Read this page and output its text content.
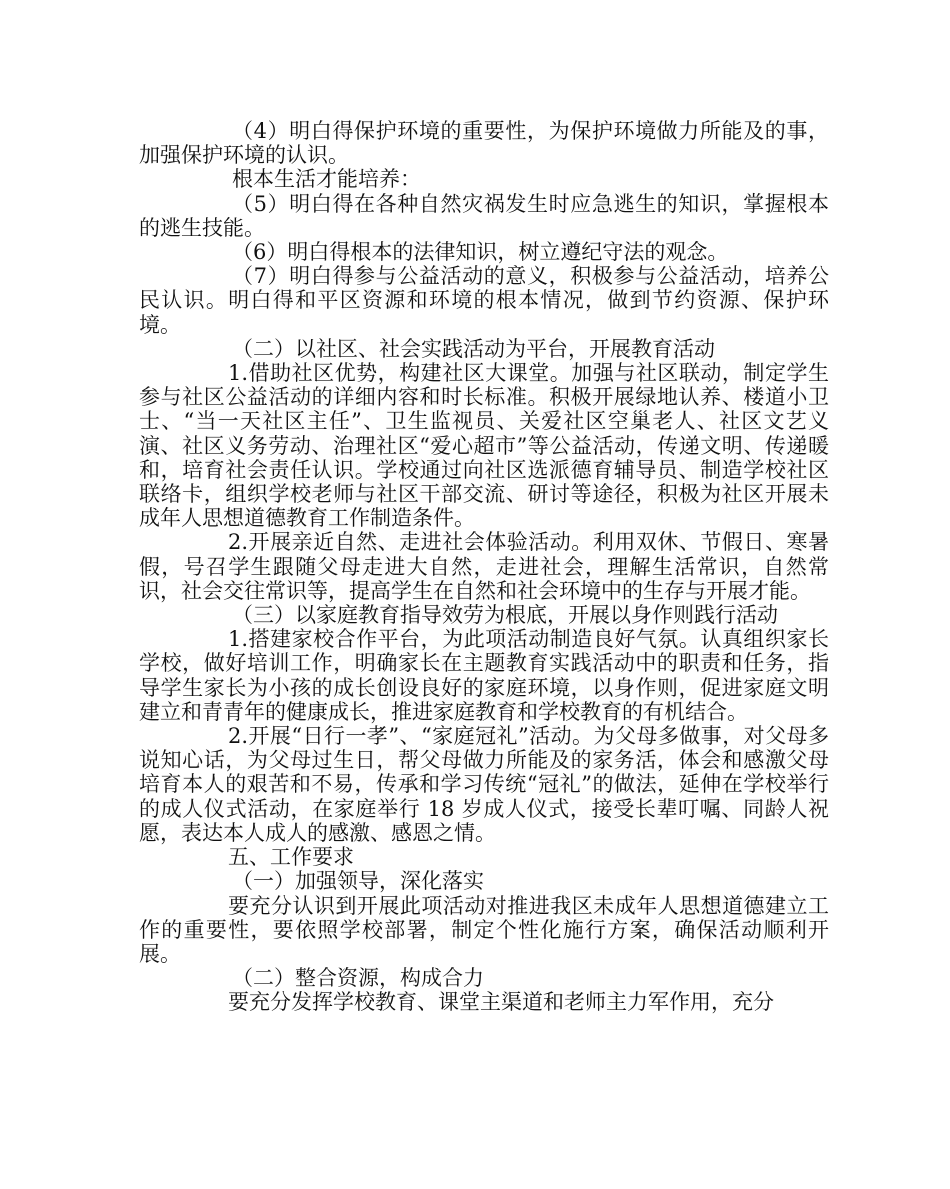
（4）明白得保护环境的重要性，为保护环境做力所能及的事，加强保护环境的认识。

根本生活才能培养：

（5）明白得在各种自然灾祸发生时应急逃生的知识，掌握根本的逃生技能。

（6）明白得根本的法律知识，树立遵纪守法的观念。

（7）明白得参与公益活动的意义，积极参与公益活动，培养公民认识。明白得和平区资源和环境的根本情况，做到节约资源、保护环境。

（二）以社区、社会实践活动为平台，开展教育活动

1.借助社区优势，构建社区大课堂。加强与社区联动，制定学生参与社区公益活动的详细内容和时长标准。积极开展绿地认养、楼道小卫士、“当一天社区主任”、卫生监视员、关爱社区空巢老人、社区文艺义演、社区义务劳动、治理社区“爱心超市”等公益活动，传递文明、传递暖和，培育社会责任认识。学校通过向社区选派德育辅导员、制造学校社区联络卡，组织学校老师与社区干部交流、研讨等途径，积极为社区开展未成年人思想道德教育工作制造条件。

2.开展亲近自然、走进社会体验活动。利用双休、节假日、寒暑假，号召学生跟随父母走进大自然，走进社会，理解生活常识，自然常识，社会交往常识等，提高学生在自然和社会环境中的生存与开展才能。

（三）以家庭教育指导效劳为根底，开展以身作则践行活动

1.搭建家校合作平台，为此项活动制造良好气氛。认真组织家长学校，做好培训工作，明确家长在主题教育实践活动中的职责和任务，指导学生家长为小孩的成长创设良好的家庭环境，以身作则，促进家庭文明建立和青青年的健康成长，推进家庭教育和学校教育的有机结合。

2.开展“日行一孝”、“家庭冠礼”活动。为父母多做事，对父母多说知心话，为父母过生日，帮父母做力所能及的家务活，体会和感激父母培育本人的艰苦和不易，传承和学习传统“冠礼”的做法，延伸在学校举行的成人仪式活动，在家庭举行 18 岁成人仪式，接受长辈叮嘱、同龄人祝愿，表达本人成人的感激、感恩之情。

五、工作要求

（一）加强领导，深化落实

要充分认识到开展此项活动对推进我区未成年人思想道德建立工作的重要性，要依照学校部署，制定个性化施行方案，确保活动顺利开展。

（二）整合资源，构成合力

要充分发挥学校教育、课堂主渠道和老师主力军作用，充分
